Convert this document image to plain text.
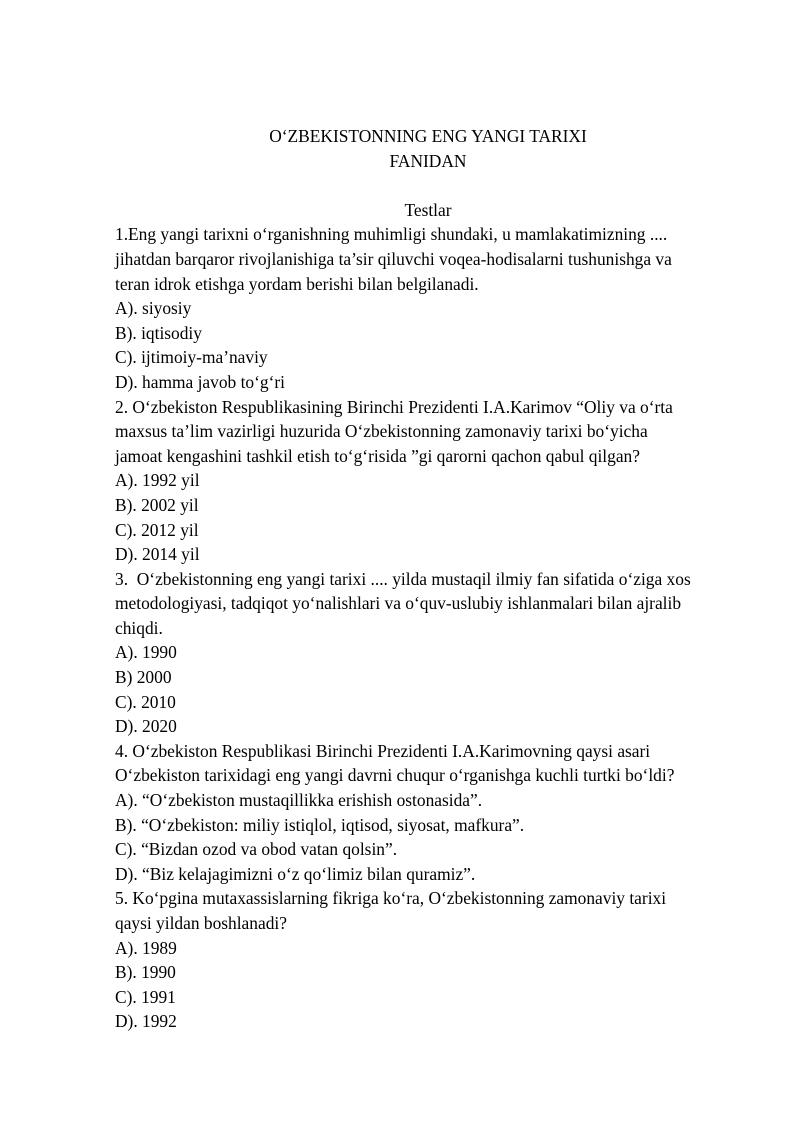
O‘ZBEKISTONNING ENG YANGI TARIXI
FANIDAN
Testlar
1.Eng yangi tarixni o‘rganishning muhimligi shundaki, u mamlakatimizning ....
jihatdan barqaror rivojlanishiga ta’sir qiluvchi voqea-hodisalarni tushunishga va
teran idrok etishga yordam berishi bilan belgilanadi.
A). siyosiy
B). iqtisodiy
C). ijtimoiy-ma’naviy
D). hamma javob to‘g‘ri
2. O‘zbekiston Respublikasining Birinchi Prezidenti I.A.Karimov “Oliy va o‘rta
maxsus ta’lim vazirligi huzurida O‘zbekistonning zamonaviy tarixi bo‘yicha
jamoat kengashini tashkil etish to‘g‘risida ”gi qarorni qachon qabul qilgan?
A). 1992 yil
B). 2002 yil
C). 2012 yil
D). 2014 yil
3.  O‘zbekistonning eng yangi tarixi .... yilda mustaqil ilmiy fan sifatida o‘ziga xos
metodologiyasi, tadqiqot yo‘nalishlari va o‘quv-uslubiy ishlanmalari bilan ajralib
chiqdi.
A). 1990
B) 2000
C). 2010
D). 2020
4. O‘zbekiston Respublikasi Birinchi Prezidenti I.A.Karimovning qaysi asari
O‘zbekiston tarixidagi eng yangi davrni chuqur o‘rganishga kuchli turtki bo‘ldi?
A). “O‘zbekiston mustaqillikka erishish ostonasida”.
B). “O‘zbekiston: miliy istiqlol, iqtisod, siyosat, mafkura”.
C). “Bizdan ozod va obod vatan qolsin”.
D). “Biz kelajagimizni o‘z qo‘limiz bilan quramiz”.
5. Ko‘pgina mutaxassislarning fikriga ko‘ra, O‘zbekistonning zamonaviy tarixi
qaysi yildan boshlanadi?
A). 1989
B). 1990
C). 1991
D). 1992
